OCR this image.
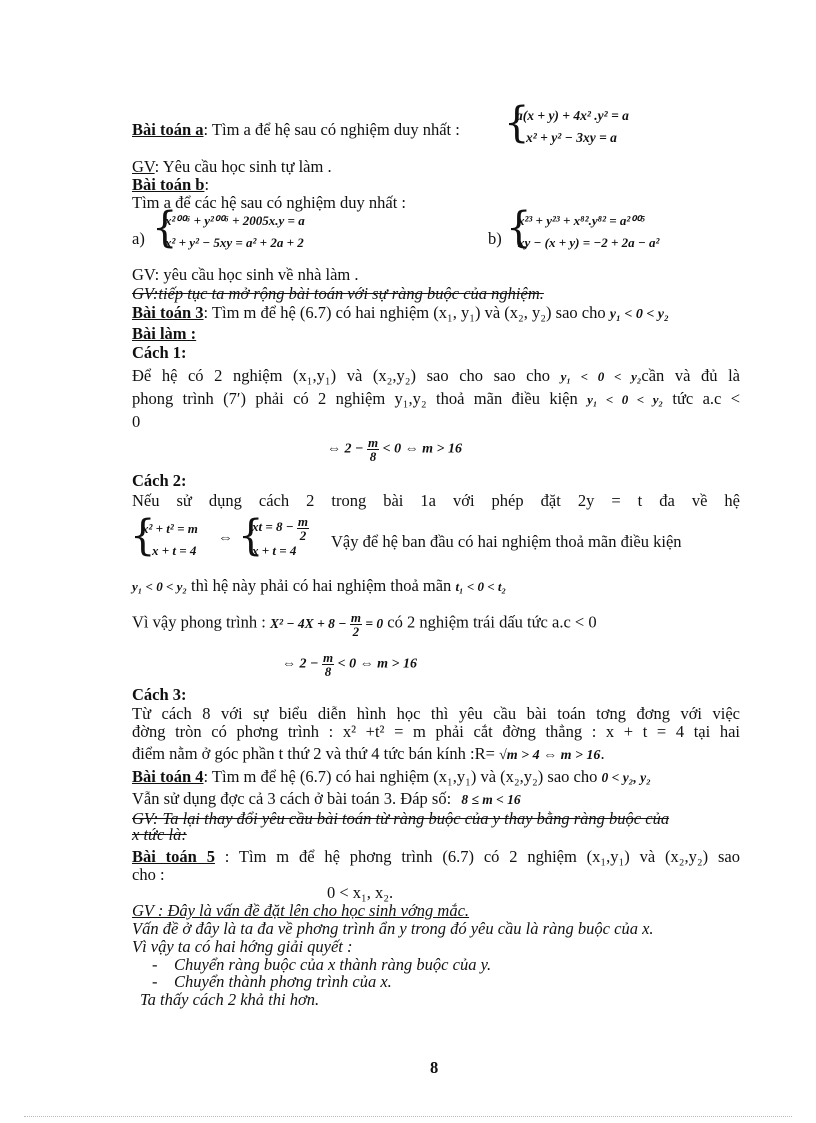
Bài toán a: Tìm a để hệ sau có nghiệm duy nhất : {
a(x + y) + 4x² .y² = a
x² + y² − 3xy = a
GV: Yêu cầu học sinh tự làm .
Bài toán b:
Tìm a để các hệ sau có nghiệm duy nhất :
a) {
x²⁰⁰⁶ + y²⁰⁰⁶ + 2005x.y = a
x² + y² − 5xy = a² + 2a + 2	b) {
x²³ + y²³ + x⁸².y⁸² = a²⁰⁰⁵
xy − (x + y) = −2 + 2a − a²
GV: yêu cầu học sinh về nhà làm .
GV:tiếp tục ta mở rộng bài toán với sự ràng buộc của nghiệm.
Bài toán 3: Tìm m để hệ (6.7) có hai nghiệm (x₁, y₁) và (x₂, y₂) sao cho y₁ < 0 < y₂
Bài làm :
Cách 1:
Để hệ có 2 nghiệm (x₁,y₁) và (x₂,y₂) sao cho sao cho y₁ < 0 < y₂cần và đủ là
phong trình (7′) phải có 2 nghiệm y₁,y₂ thoả mãn điều kiện y₁ < 0 < y₂ tức a.c <
0
⇔ $2 - \frac{m}{8} < 0$ ⇔ m > 16
Cách 2:
Nếu sử dụng cách 2 trong bài 1a với phép đặt 2y = t đa về hệ
{
x² + t² = m
x + t = 4
⇔ {
xt = $8 - \frac{m}{2}$
x + t = 4	Vậy để hệ ban đầu có hai nghiệm thoả mãn điều kiện
y₁ < 0 < y₂ thì hệ này phải có hai nghiệm thoả mãn t₁ < 0 < t₂
Vì vậy phong trình : $X^2 - 4X + 8 - \frac{m}{2} = 0$ có 2 nghiệm trái dấu tức a.c < 0
⇔ $2 - \frac{m}{8} < 0$ ⇔ m > 16
Cách 3:
Từ cách 8 với sự biểu diễn hình học thì yêu cầu bài toán tơng đơng với việc
đờng tròn có phơng trình : x² +t² = m phải cắt đờng thẳng : x + t = 4 tại hai
điểm nằm ở góc phần t thứ 2 và thứ 4 tức bán kính :R= √m > 4 ⇔ m > 16.
Bài toán 4: Tìm m để hệ (6.7) có hai nghiệm (x₁,y₁) và (x₂,y₂) sao cho 0 < y₂, y₂
Vẫn sử dụng đợc cả 3 cách ở bài toán 3. Đáp số: 8 ≤ m < 16
GV: Ta lại thay đổi yêu cầu bài toán từ ràng buộc của y thay bằng ràng buộc của
x tức là:
Bài toán 5 : Tìm m để hệ phơng trình (6.7) có 2 nghiệm (x₁,y₁) và (x₂,y₂) sao
cho :
0 < x₁, x₂.
GV : Đây là vấn đề đặt lên cho học sinh vớng mắc.
Vấn đề ở đây là ta đa về phơng trình ẩn y trong đó yêu cầu là ràng buộc của x.
Vì vậy ta có hai hớng giải quyết :
- Chuyển ràng buộc của x thành ràng buộc của y.
- Chuyển thành phơng trình của x.
Ta thấy cách 2 khả thi hơn.
8
